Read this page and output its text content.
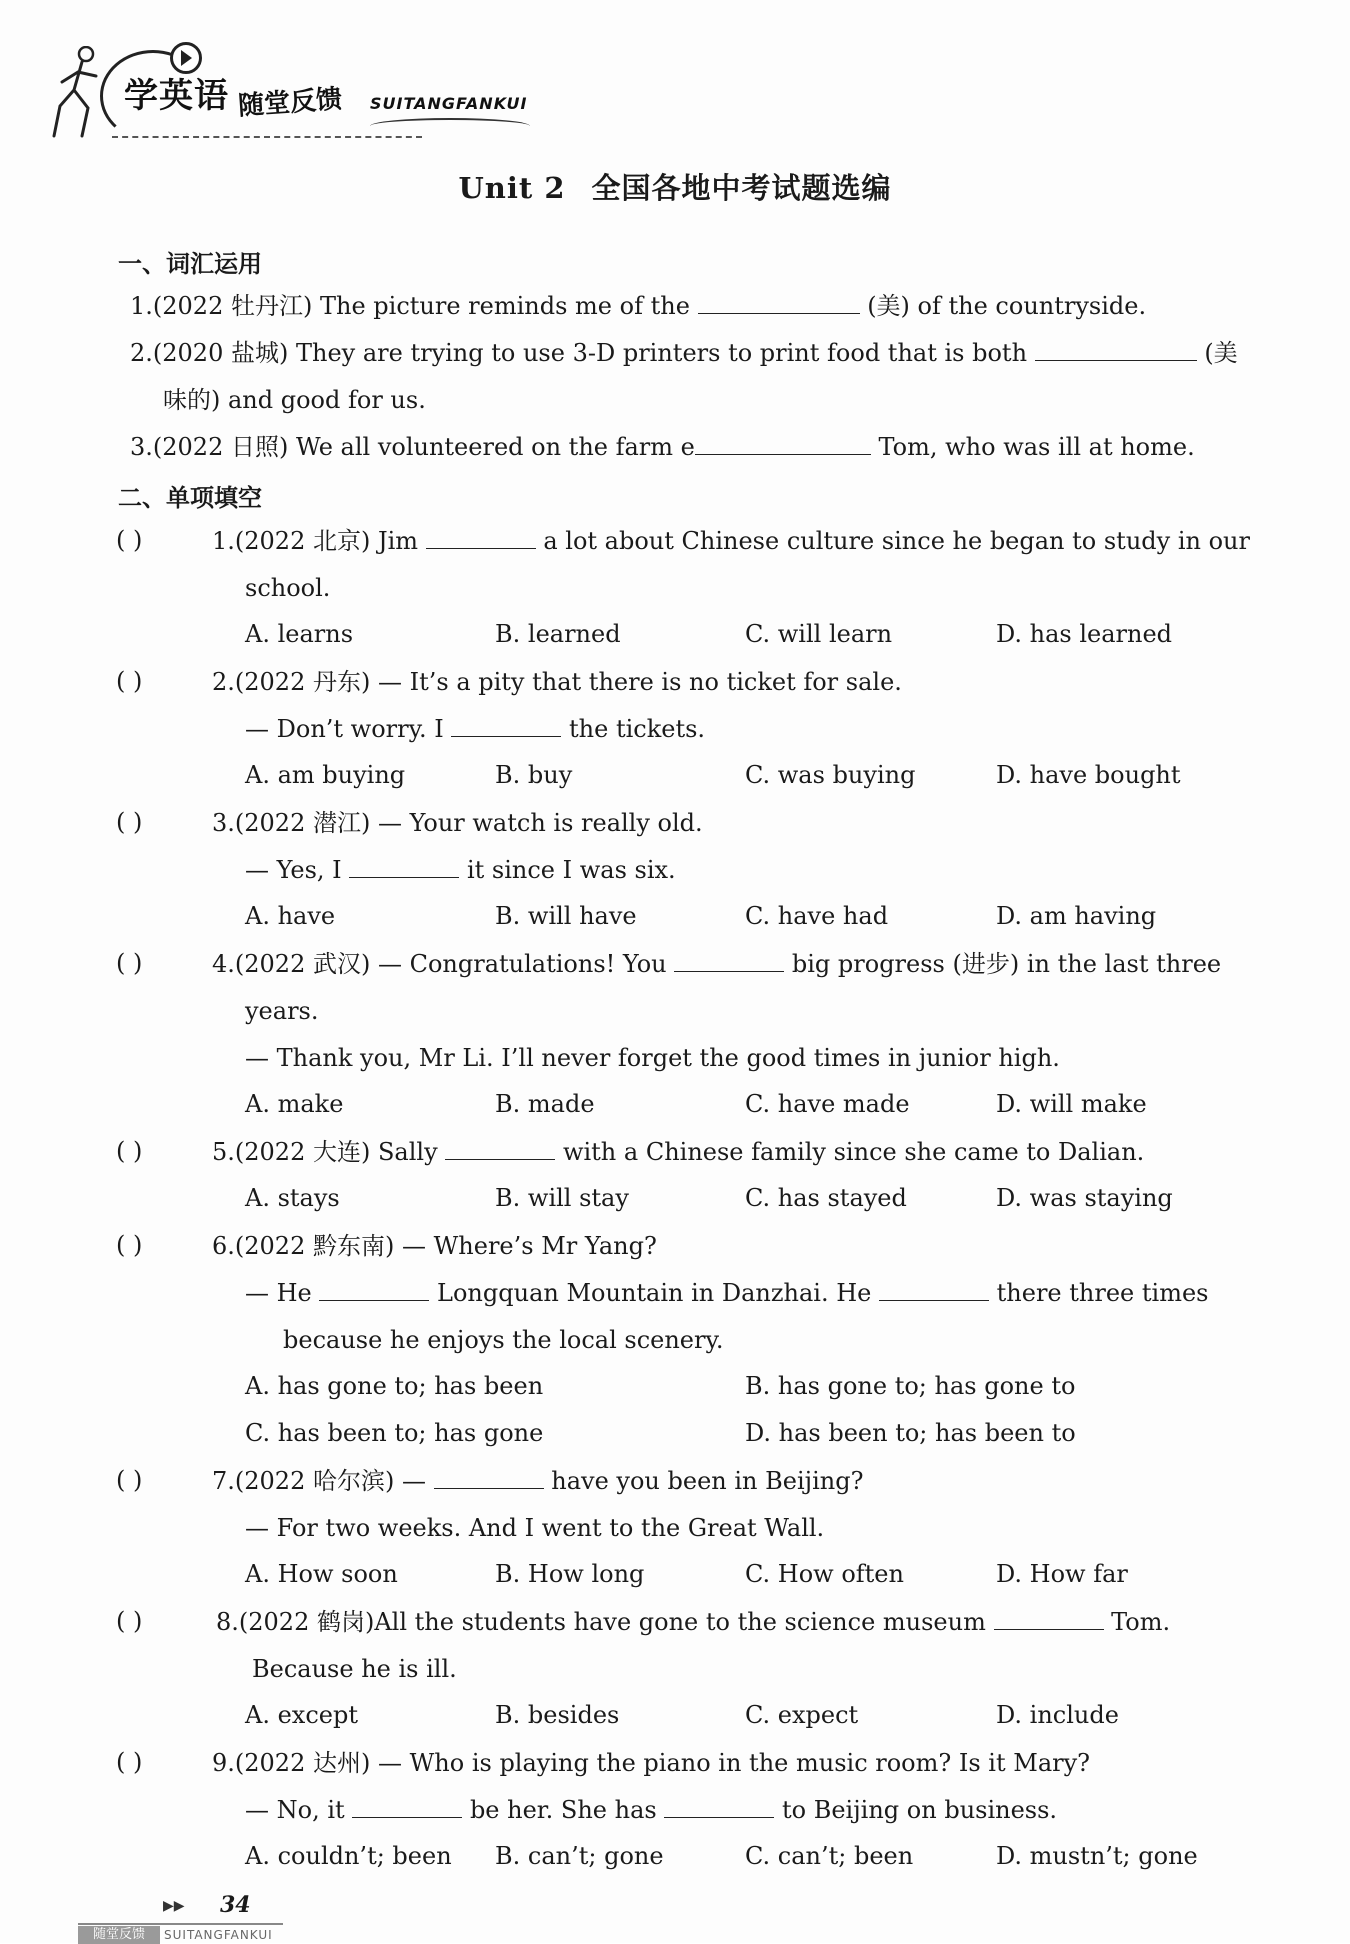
学英语 随堂反馈 SUITANGFANKUI
Unit 2 全国各地中考试题选编
一、词汇运用
1.(2022 牡丹江) The picture reminds me of the	(美) of the countryside.
2.(2020 盐城) They are trying to use 3-D printers to print food that is both	(美
味的) and good for us.
3.(2022 日照) We all volunteered on the farm e	Tom, who was ill at home.
二、单项填空
( )	1.(2022 北京) Jim	a lot about Chinese culture since he began to study in our
school.
A. learns	B. learned	C. will learn	D. has learned
( )	2.(2022 丹东) — It’s a pity that there is no ticket for sale.
— Don’t worry. I	the tickets.
A. am buying	B. buy	C. was buying	D. have bought
( )	3.(2022 潜江) — Your watch is really old.
— Yes, I	it since I was six.
A. have	B. will have	C. have had	D. am having
( )	4.(2022 武汉) — Congratulations! You	big progress (进步) in the last three
years.
— Thank you, Mr Li. I’ll never forget the good times in junior high.
A. make	B. made	C. have made	D. will make
( )	5.(2022 大连) Sally	with a Chinese family since she came to Dalian.
A. stays	B. will stay	C. has stayed	D. was staying
( )	6.(2022 黔东南) — Where’s Mr Yang?
— He	Longquan Mountain in Danzhai. He	there three times
because he enjoys the local scenery.
A. has gone to; has been	B. has gone to; has gone to
C. has been to; has gone	D. has been to; has been to
( )	7.(2022 哈尔滨) —	have you been in Beijing?
— For two weeks. And I went to the Great Wall.
A. How soon	B. How long	C. How often	D. How far
( )	8.(2022 鹤岗)All the students have gone to the science museum	Tom.
Because he is ill.
A. except	B. besides	C. expect	D. include
( )	9.(2022 达州) — Who is playing the piano in the music room? Is it Mary?
— No, it	be her. She has	to Beijing on business.
A. couldn’t; been B. can’t; gone	C. can’t; been	D. mustn’t; gone
▶▶ 34
随堂反馈	SUITANGFANKUI
